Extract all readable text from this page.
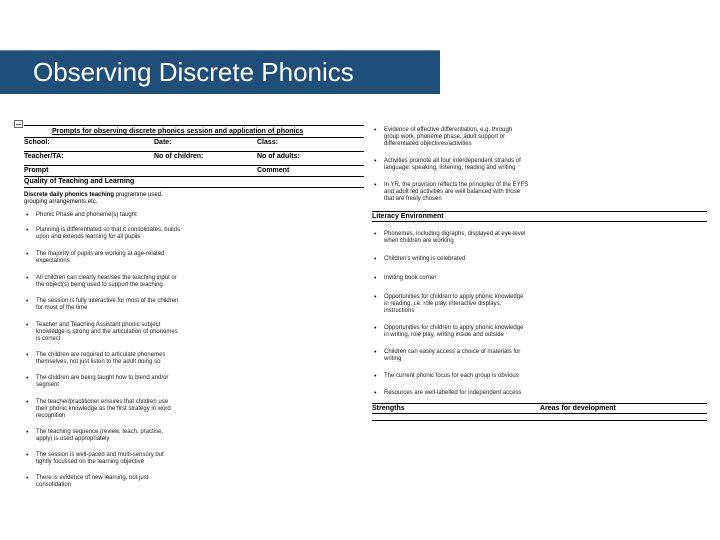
Observing Discrete Phonics
Prompts for observing discrete phonics session and application of phonics
School:	Date:	Class:
Teacher/TA:	No of children:	No of adults:
Prompt	Comment
Quality of Teaching and Learning
Discrete daily phonics teaching programme used, grouping arrangements etc.
• Phonic Phase and phoneme(s) taught
• Planning is differentiated so that it consolidates, builds upon and extends learning for all pupils
• The majority of pupils are working at age-related expectations
• All children can clearly hear/see the teaching input or the object(s) being used to support the teaching
• The session is fully interactive for most of the children for most of the time
• Teacher and Teaching Assistant phonic subject knowledge is strong and the articulation of phonemes is correct
• The children are required to articulate phonemes themselves, not just listen to the adult doing so
• The children are being taught how to blend and/or segment
• The teacher/practitioner ensures that children use their phonic knowledge as the first strategy in word recognition
• The teaching sequence (review, teach, practise, apply) is used appropriately
• The session is well-paced and multi-sensory but tightly focussed on the learning objective
• There is evidence of new learning, not just consolidation
• Evidence of effective differentiation, e.g. through group work, phoneme phase, adult support or differentiated objectives/activities
• Activities promote all four interdependent strands of language: speaking, listening, reading and writing
• In YR, the provision reflects the principles of the EYFS and adult led activities are well balanced with those that are freely chosen
Literacy Environment
• Phonemes, including digraphs, displayed at eye-level when children are working
• Children's writing is celebrated
• Inviting book corner
• Opportunities for children to apply phonic knowledge in reading, i.e. role play, interactive displays, instructions
• Opportunities for children to apply phonic knowledge in writing, role play, writing inside and outside
• Children can easily access a choice of materials for writing
• The current phonic focus for each group is obvious
• Resources are well-labelled for independent access
Strengths	Areas for development
